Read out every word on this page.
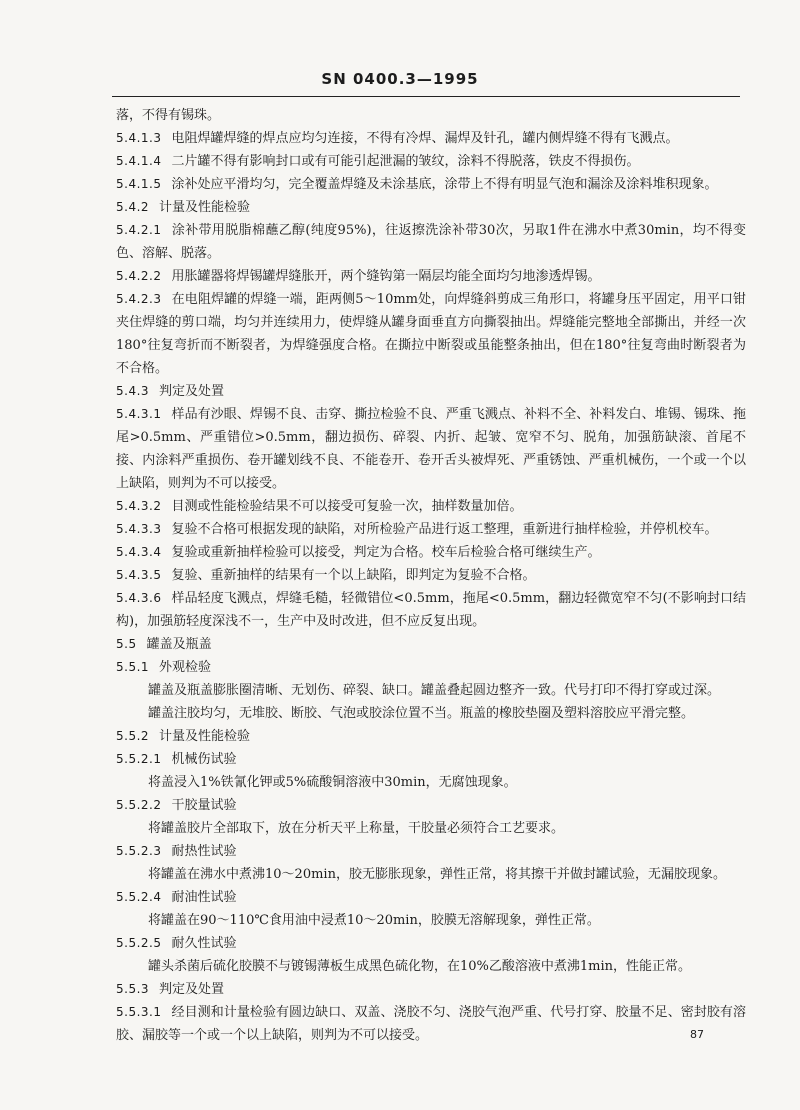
SN 0400.3—1995
落，不得有锡珠。
5.4.1.3 电阻焊罐焊缝的焊点应均匀连接，不得有冷焊、漏焊及针孔，罐内侧焊缝不得有飞溅点。
5.4.1.4 二片罐不得有影响封口或有可能引起泄漏的皱纹，涂料不得脱落，铁皮不得损伤。
5.4.1.5 涂补处应平滑均匀，完全覆盖焊缝及未涂基底，涂带上不得有明显气泡和漏涂及涂料堆积现象。
5.4.2 计量及性能检验
5.4.2.1 涂补带用脱脂棉蘸乙醇(纯度95%)，往返擦洗涂补带30次，另取1件在沸水中煮30min，均不得变色、溶解、脱落。
5.4.2.2 用胀罐器将焊锡罐焊缝胀开，两个缝钩第一隔层均能全面均匀地渗透焊锡。
5.4.2.3 在电阻焊罐的焊缝一端，距两侧5～10mm处，向焊缝斜剪成三角形口，将罐身压平固定，用平口钳夹住焊缝的剪口端，均匀并连续用力，使焊缝从罐身面垂直方向撕裂抽出。焊缝能完整地全部撕出，并经一次180°往复弯折而不断裂者，为焊缝强度合格。在撕拉中断裂或虽能整条抽出，但在180°往复弯曲时断裂者为不合格。
5.4.3 判定及处置
5.4.3.1 样品有沙眼、焊锡不良、击穿、撕拉检验不良、严重飞溅点、补料不全、补料发白、堆锡、锡珠、拖尾>0.5mm、严重错位>0.5mm，翻边损伤、碎裂、内折、起皱、宽窄不匀、脱角，加强筋缺滚、首尾不接、内涂料严重损伤、卷开罐划线不良、不能卷开、卷开舌头被焊死、严重锈蚀、严重机械伤，一个或一个以上缺陷，则判为不可以接受。
5.4.3.2 目测或性能检验结果不可以接受可复验一次，抽样数量加倍。
5.4.3.3 复验不合格可根据发现的缺陷，对所检验产品进行返工整理，重新进行抽样检验，并停机校车。
5.4.3.4 复验或重新抽样检验可以接受，判定为合格。校车后检验合格可继续生产。
5.4.3.5 复验、重新抽样的结果有一个以上缺陷，即判定为复验不合格。
5.4.3.6 样品轻度飞溅点，焊缝毛糙，轻微错位<0.5mm，拖尾<0.5mm，翻边轻微宽窄不匀(不影响封口结构)，加强筋轻度深浅不一，生产中及时改进，但不应反复出现。
5.5 罐盖及瓶盖
5.5.1 外观检验
罐盖及瓶盖膨胀圈清晰、无划伤、碎裂、缺口。罐盖叠起圆边整齐一致。代号打印不得打穿或过深。
罐盖注胶均匀，无堆胶、断胶、气泡或胶涂位置不当。瓶盖的橡胶垫圈及塑料溶胶应平滑完整。
5.5.2 计量及性能检验
5.5.2.1 机械伤试验
将盖浸入1%铁氰化钾或5%硫酸铜溶液中30min，无腐蚀现象。
5.5.2.2 干胶量试验
将罐盖胶片全部取下，放在分析天平上称量，干胶量必须符合工艺要求。
5.5.2.3 耐热性试验
将罐盖在沸水中煮沸10～20min，胶无膨胀现象，弹性正常，将其擦干并做封罐试验，无漏胶现象。
5.5.2.4 耐油性试验
将罐盖在90～110℃食用油中浸煮10～20min，胶膜无溶解现象，弹性正常。
5.5.2.5 耐久性试验
罐头杀菌后硫化胶膜不与镀锡薄板生成黑色硫化物，在10%乙酸溶液中煮沸1min，性能正常。
5.5.3 判定及处置
5.5.3.1 经目测和计量检验有圆边缺口、双盖、浇胶不匀、浇胶气泡严重、代号打穿、胶量不足、密封胶有溶胶、漏胶等一个或一个以上缺陷，则判为不可以接受。	87
